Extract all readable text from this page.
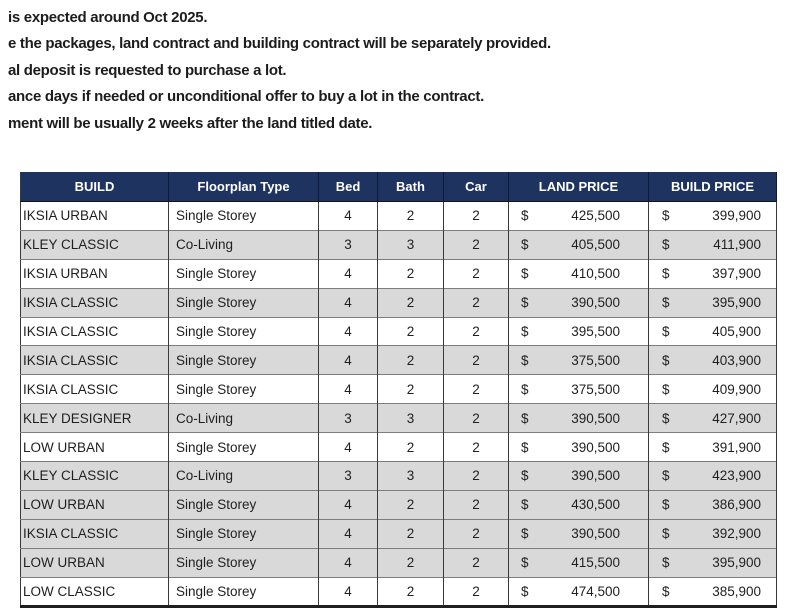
is expected around Oct 2025.
e the packages, land contract and building contract will be separately provided.
al deposit is requested to purchase a lot.
ance days if needed or unconditional offer to buy a lot in the contract.
ment will be usually 2 weeks after the land titled date.
BUILD	Floorplan Type	Bed	Bath	Car	LAND PRICE	BUILD PRICE
IKSIA URBAN	Single Storey	4	2	2	$ 425,500	$ 399,900

KLEY CLASSIC	Co-Living	3	3	2	$ 405,500	$ 411,900

IKSIA URBAN	Single Storey	4	2	2	$ 410,500	$ 397,900

IKSIA CLASSIC	Single Storey	4	2	2	$ 390,500	$ 395,900

IKSIA CLASSIC	Single Storey	4	2	2	$ 395,500	$ 405,900

IKSIA CLASSIC	Single Storey	4	2	2	$ 375,500	$ 403,900

IKSIA CLASSIC	Single Storey	4	2	2	$ 375,500	$ 409,900

KLEY DESIGNER	Co-Living	3	3	2	$ 390,500	$ 427,900

LOW URBAN	Single Storey	4	2	2	$ 390,500	$ 391,900

KLEY CLASSIC	Co-Living	3	3	2	$ 390,500	$ 423,900

LOW URBAN	Single Storey	4	2	2	$ 430,500	$ 386,900

IKSIA CLASSIC	Single Storey	4	2	2	$ 390,500	$ 392,900

LOW URBAN	Single Storey	4	2	2	$ 415,500	$ 395,900

LOW CLASSIC	Single Storey	4	2	2	$ 474,500	$ 385,900
